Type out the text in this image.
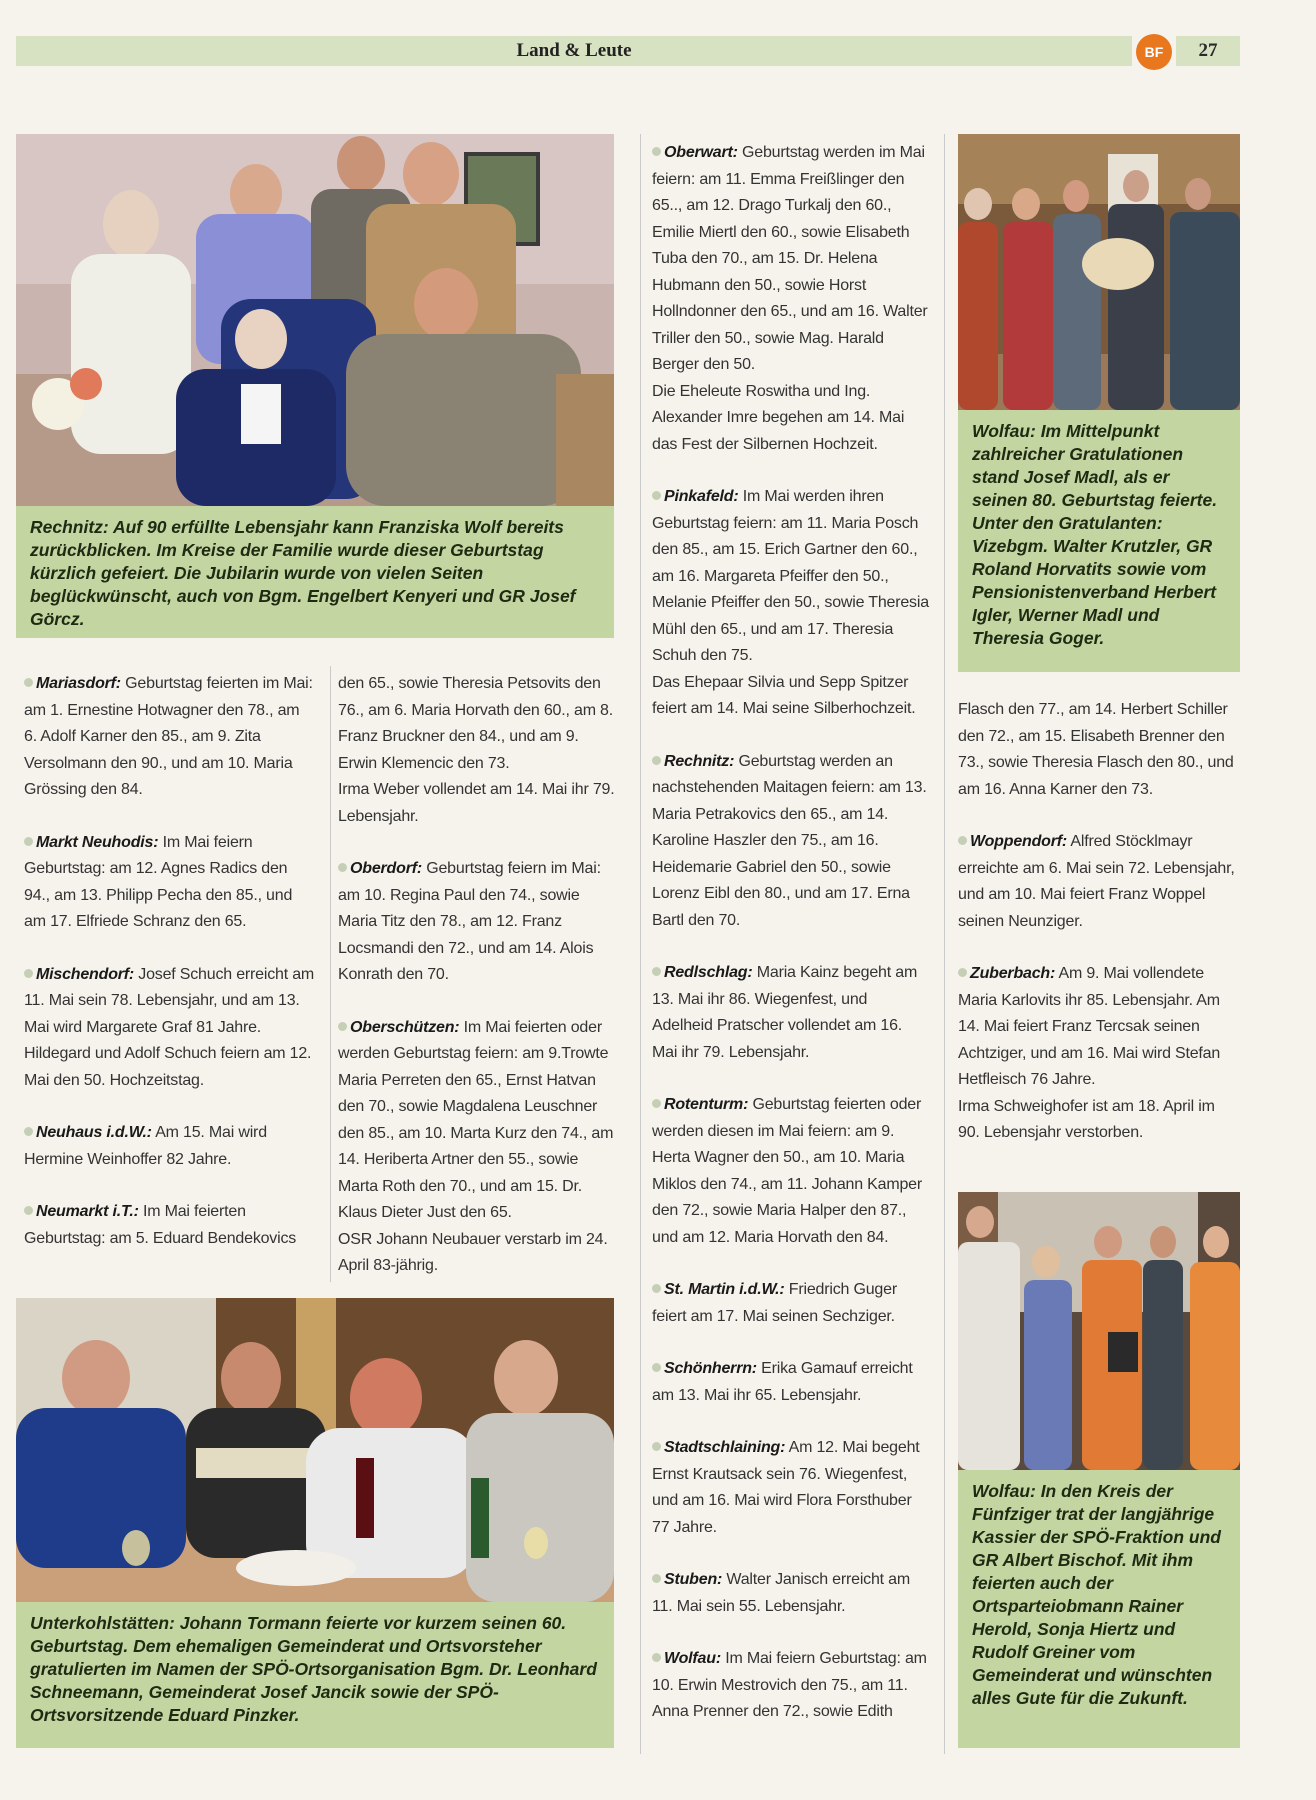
Land & Leute	BF	27
Rechnitz: Auf 90 erfüllte Lebensjahr kann Franziska Wolf bereits zurückblicken. Im Kreise der Familie wurde dieser Geburtstag kürzlich gefeiert. Die Jubilarin wurde von vielen Seiten beglückwünscht, auch von Bgm. Engelbert Kenyeri und GR Josef Görcz.
Unterkohlstätten: Johann Tormann feierte vor kurzem seinen 60. Geburtstag. Dem ehemaligen Gemeinderat und Ortsvorsteher gratulierten im Namen der SPÖ-Ortsorganisation Bgm. Dr. Leonhard Schneemann, Gemeinderat Josef Jancik sowie der SPÖ-Ortsvorsitzende Eduard Pinzker.
Wolfau: Im Mittelpunkt zahlreicher Gratulationen stand Josef Madl, als er seinen 80. Geburtstag feierte. Unter den Gratulanten: Vizebgm. Walter Krutzler, GR Roland Horvatits sowie vom Pensionistenverband Herbert Igler, Werner Madl und Theresia Goger.
Wolfau: In den Kreis der Fünfziger trat der langjährige Kassier der SPÖ-Fraktion und GR Albert Bischof. Mit ihm feierten auch der Ortsparteiobmann Rainer Herold, Sonja Hiertz und Rudolf Greiner vom Gemeinderat und wünschten alles Gute für die Zukunft.
Mariasdorf: Geburtstag feierten im Mai: am 1. Ernestine Hotwagner den 78., am 6. Adolf Karner den 85., am 9. Zita Versolmann den 90., und am 10. Maria Grössing den 84.
Markt Neuhodis: Im Mai feiern Geburtstag: am 12. Agnes Radics den 94., am 13. Philipp Pecha den 85., und am 17. Elfriede Schranz den 65.

Mischendorf: Josef Schuch erreicht am 11. Mai sein 78. Lebensjahr, und am 13. Mai wird Margarete Graf 81 Jahre.

Hildegard und Adolf Schuch feiern am 12. Mai den 50. Hochzeitstag.

Neuhaus i.d.W.: Am 15. Mai wird Hermine Weinhoffer 82 Jahre.
Neumarkt i.T.: Im Mai feierten Geburtstag: am 5. Eduard Bendekovics

den 65., sowie Theresia Petsovits den 76., am 6. Maria Horvath den 60., am 8. Franz Bruckner den 84., und am 9. Erwin Klemencic den 73.

Irma Weber vollendet am 14. Mai ihr 79. Lebensjahr.

Oberdorf: Geburtstag feiern im Mai: am 10. Regina Paul den 74., sowie Maria Titz den 78., am 12. Franz Locsmandi den 72., und am 14. Alois Konrath den 70.

Oberschützen: Im Mai feierten oder werden Geburtstag feiern: am 9.Trowte Maria Perreten den 65., Ernst Hatvan den 70., sowie Magdalena Leuschner den 85., am 10. Marta Kurz den 74., am 14. Heriberta Artner den 55., sowie Marta Roth den 70., und am 15. Dr. Klaus Dieter Just den 65.

OSR Johann Neubauer verstarb im 24. April 83-jährig.

Oberwart: Geburtstag werden im Mai feiern: am 11. Emma Freißlinger den 65.., am 12. Drago Turkalj den 60., Emilie Miertl den 60., sowie Elisabeth Tuba den 70., am 15. Dr. Helena Hubmann den 50., sowie Horst Hollndonner den 65., und am 16. Walter Triller den 50., sowie Mag. Harald Berger den 50.

Die Eheleute Roswitha und Ing. Alexander Imre begehen am 14. Mai das Fest der Silbernen Hochzeit.

Pinkafeld: Im Mai werden ihren Geburtstag feiern: am 11. Maria Posch den 85., am 15. Erich Gartner den 60., am 16. Margareta Pfeiffer den 50., Melanie Pfeiffer den 50., sowie Theresia Mühl den 65., und am 17. Theresia Schuh den 75.

Das Ehepaar Silvia und Sepp Spitzer feiert am 14. Mai seine Silberhochzeit.

Rechnitz: Geburtstag werden an nachstehenden Maitagen feiern: am 13. Maria Petrakovics den 65., am 14. Karoline Haszler den 75., am 16. Heidemarie Gabriel den 50., sowie Lorenz Eibl den 80., und am 17. Erna Bartl den 70.
Redlschlag: Maria Kainz begeht am 13. Mai ihr 86. Wiegenfest, und Adelheid Pratscher vollendet am 16. Mai ihr 79. Lebensjahr.
Rotenturm: Geburtstag feierten oder werden diesen im Mai feiern: am 9. Herta Wagner den 50., am 10. Maria Miklos den 74., am 11. Johann Kamper den 72., sowie Maria Halper den 87., und am 12. Maria Horvath den 84.
St. Martin i.d.W.: Friedrich Guger feiert am 17. Mai seinen Sechziger.
Schönherrn: Erika Gamauf erreicht am 13. Mai ihr 65. Lebensjahr.
Stadtschlaining: Am 12. Mai begeht Ernst Krautsack sein 76. Wiegenfest, und am 16. Mai wird Flora Forsthuber 77 Jahre.
Stuben: Walter Janisch erreicht am 11. Mai sein 55. Lebensjahr.
Wolfau: Im Mai feiern Geburtstag: am 10. Erwin Mestrovich den 75., am 11. Anna Prenner den 72., sowie Edith

Flasch den 77., am 14. Herbert Schiller den 72., am 15. Elisabeth Brenner den 73., sowie Theresia Flasch den 80., und am 16. Anna Karner den 73.

Woppendorf: Alfred Stöcklmayr erreichte am 6. Mai sein 72. Lebensjahr, und am 10. Mai feiert Franz Woppel seinen Neunziger.

Zuberbach: Am 9. Mai vollendete Maria Karlovits ihr 85. Lebensjahr. Am 14. Mai feiert Franz Tercsak seinen Achtziger, und am 16. Mai wird Stefan Hetfleisch 76 Jahre.

Irma Schweighofer ist am 18. April im 90. Lebensjahr verstorben.
